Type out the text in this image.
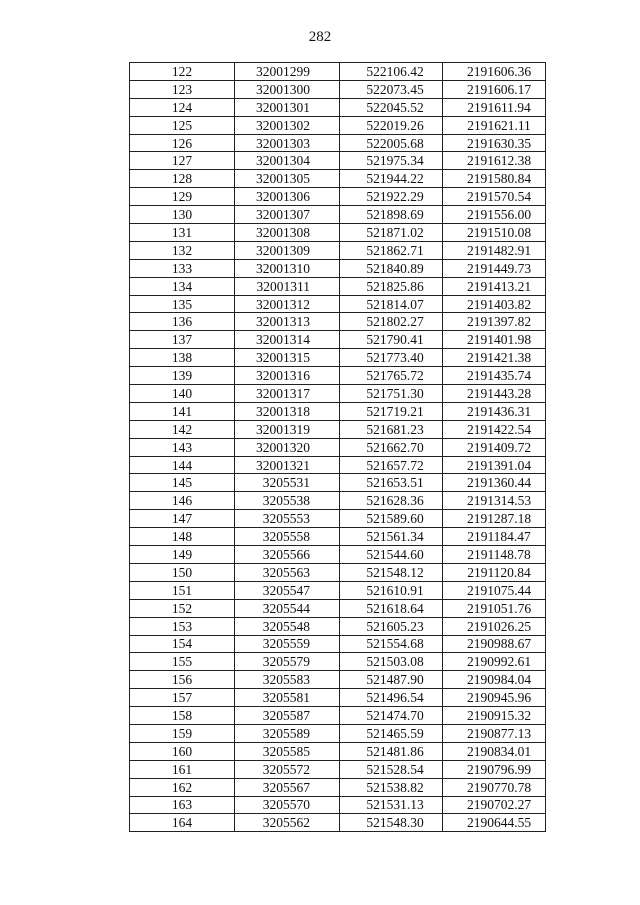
282
·
122	32001299	522106.42	2191606.36
123	32001300	522073.45	2191606.17
124	32001301	522045.52	2191611.94
125	32001302	522019.26	2191621.11
126	32001303	522005.68	2191630.35
127	32001304	521975.34	2191612.38
128	32001305	521944.22	2191580.84
129	32001306	521922.29	2191570.54
130	32001307	521898.69	2191556.00
131	32001308	521871.02	2191510.08
132	32001309	521862.71	2191482.91
133	32001310	521840.89	2191449.73
134	32001311	521825.86	2191413.21
135	32001312	521814.07	2191403.82
136	32001313	521802.27	2191397.82
137	32001314	521790.41	2191401.98
138	32001315	521773.40	2191421.38
139	32001316	521765.72	2191435.74
140	32001317	521751.30	2191443.28
141	32001318	521719.21	2191436.31
142	32001319	521681.23	2191422.54
143	32001320	521662.70	2191409.72
144	32001321	521657.72	2191391.04
145	3205531	521653.51	2191360.44
146	3205538	521628.36	2191314.53
147	3205553	521589.60	2191287.18
148	3205558	521561.34	2191184.47
149	3205566	521544.60	2191148.78
150	3205563	521548.12	2191120.84
151	3205547	521610.91	2191075.44
152	3205544	521618.64	2191051.76
153	3205548	521605.23	2191026.25
154	3205559	521554.68	2190988.67
155	3205579	521503.08	2190992.61
156	3205583	521487.90	2190984.04
157	3205581	521496.54	2190945.96
158	3205587	521474.70	2190915.32
159	3205589	521465.59	2190877.13
160	3205585	521481.86	2190834.01
161	3205572	521528.54	2190796.99
162	3205567	521538.82	2190770.78
163	3205570	521531.13	2190702.27
164	3205562	521548.30	2190644.55
